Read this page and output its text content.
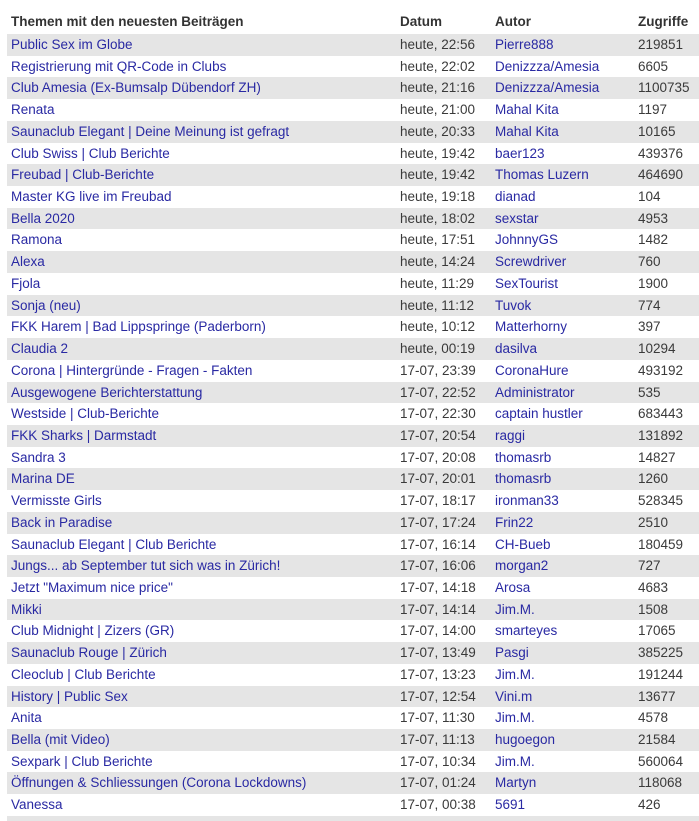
Themen mit den neuesten Beiträgen	Datum	Autor	Zugriffe
Public Sex im Globe	heute, 22:56	Pierre888	219851
Registrierung mit QR-Code in Clubs	heute, 22:02	Denizzza/Amesia	6605
Club Amesia (Ex-Bumsalp Dübendorf ZH)	heute, 21:16	Denizzza/Amesia	1100735
Renata	heute, 21:00	Mahal Kita	1197
Saunaclub Elegant | Deine Meinung ist gefragt	heute, 20:33	Mahal Kita	10165
Club Swiss | Club Berichte	heute, 19:42	baer123	439376
Freubad | Club-Berichte	heute, 19:42	Thomas Luzern	464690
Master KG live im Freubad	heute, 19:18	dianad	104
Bella 2020	heute, 18:02	sexstar	4953
Ramona	heute, 17:51	JohnnyGS	1482
Alexa	heute, 14:24	Screwdriver	760
Fjola	heute, 11:29	SexTourist	1900
Sonja (neu)	heute, 11:12	Tuvok	774
FKK Harem | Bad Lippspringe (Paderborn)	heute, 10:12	Matterhorny	397
Claudia 2	heute, 00:19	dasilva	10294
Corona | Hintergründe - Fragen - Fakten	17-07, 23:39	CoronaHure	493192
Ausgewogene Berichterstattung	17-07, 22:52	Administrator	535
Westside | Club-Berichte	17-07, 22:30	captain hustler	683443
FKK Sharks | Darmstadt	17-07, 20:54	raggi	131892
Sandra 3	17-07, 20:08	thomasrb	14827
Marina DE	17-07, 20:01	thomasrb	1260
Vermisste Girls	17-07, 18:17	ironman33	528345
Back in Paradise	17-07, 17:24	Frin22	2510
Saunaclub Elegant | Club Berichte	17-07, 16:14	CH-Bueb	180459
Jungs... ab September tut sich was in Zürich!	17-07, 16:06	morgan2	727
Jetzt "Maximum nice price"	17-07, 14:18	Arosa	4683
Mikki	17-07, 14:14	Jim.M.	1508
Club Midnight | Zizers (GR)	17-07, 14:00	smarteyes	17065
Saunaclub Rouge | Zürich	17-07, 13:49	Pasgi	385225
Cleoclub | Club Berichte	17-07, 13:23	Jim.M.	191244
History | Public Sex	17-07, 12:54	Vini.m	13677
Anita	17-07, 11:30	Jim.M.	4578
Bella (mit Video)	17-07, 11:13	hugoegon	21584
Sexpark | Club Berichte	17-07, 10:34	Jim.M.	560064
Öffnungen & Schliessungen (Corona Lockdowns)	17-07, 01:24	Martyn	118068
Vanessa	17-07, 00:38	5691	426
